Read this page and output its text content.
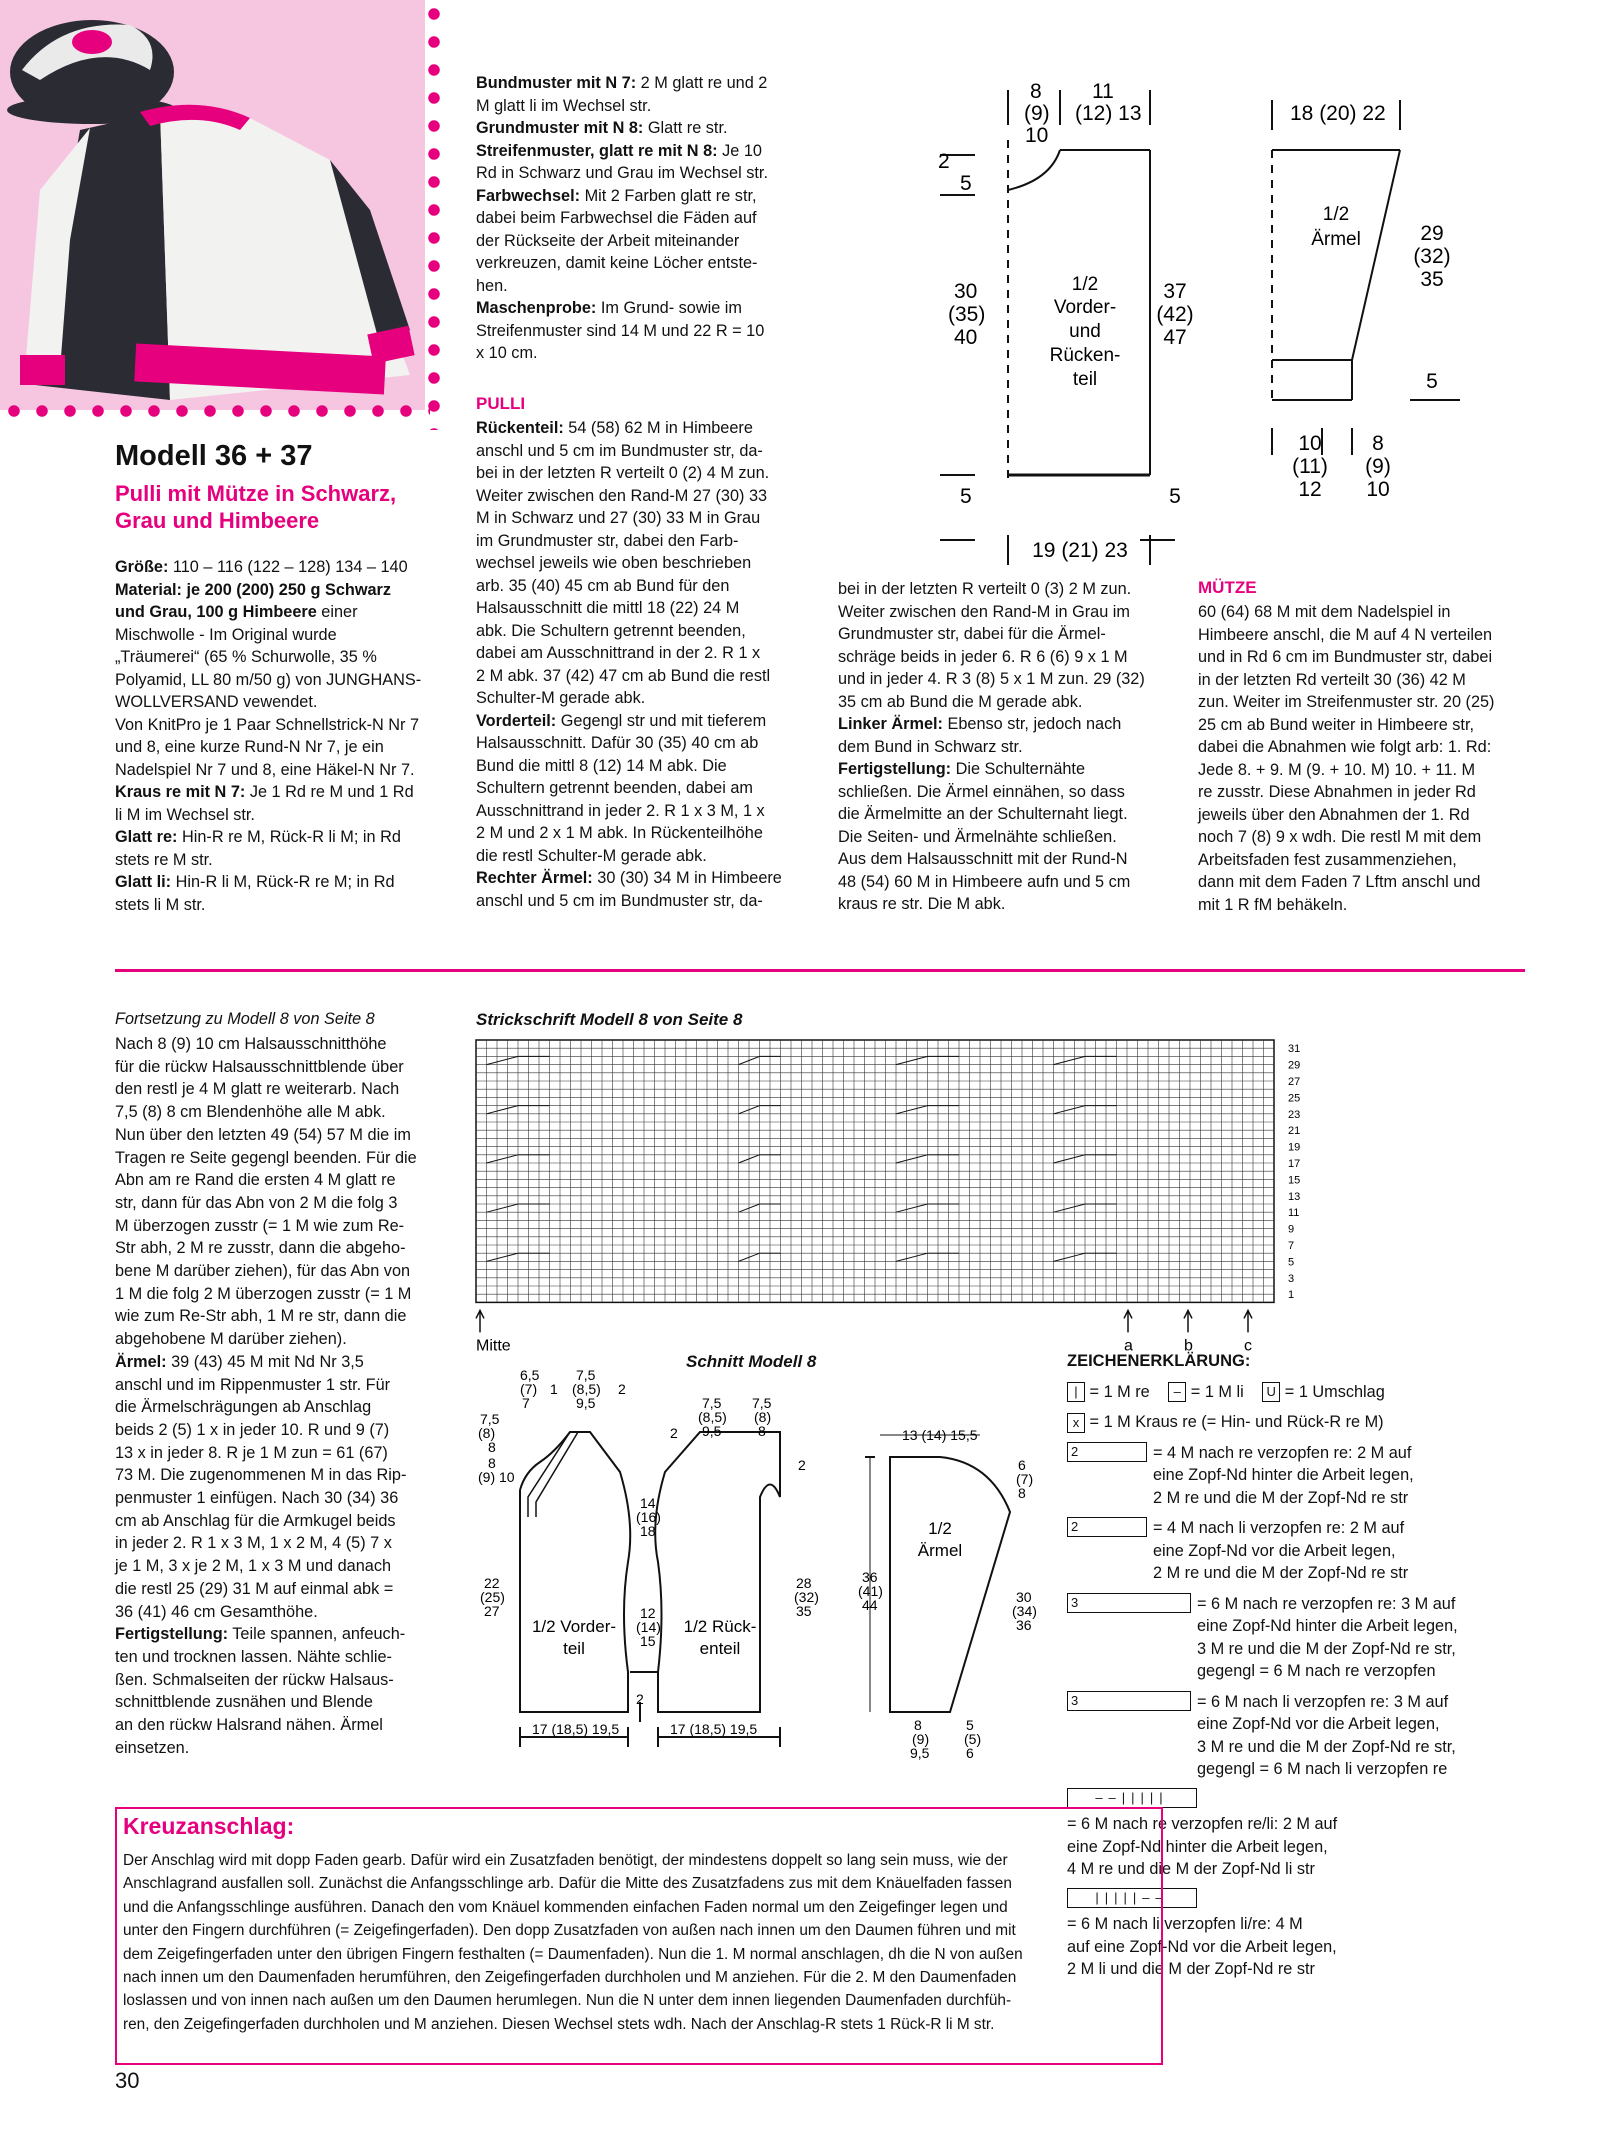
Modell 36 + 37
Pulli mit Mütze in Schwarz,
Grau und Himbeere
Größe: 110 – 116 (122 – 128) 134 – 140
Material: je 200 (200) 250 g Schwarz
und Grau, 100 g Himbeere einer
Mischwolle - Im Original wurde
„Träumerei“ (65 % Schurwolle, 35 %
Polyamid, LL 80 m/50 g) von JUNGHANS-
WOLLVERSAND vewendet.
Von KnitPro je 1 Paar Schnellstrick-N Nr 7
und 8, eine kurze Rund-N Nr 7, je ein
Nadelspiel Nr 7 und 8, eine Häkel-N Nr 7.
Kraus re mit N 7: Je 1 Rd re M und 1 Rd
li M im Wechsel str.
Glatt re: Hin-R re M, Rück-R li M; in Rd
stets re M str.
Glatt li: Hin-R li M, Rück-R re M; in Rd
stets li M str.
Bundmuster mit N 7: 2 M glatt re und 2
M glatt li im Wechsel str.
Grundmuster mit N 8: Glatt re str.
Streifenmuster, glatt re mit N 8: Je 10
Rd in Schwarz und Grau im Wechsel str.
Farbwechsel: Mit 2 Farben glatt re str,
dabei beim Farbwechsel die Fäden auf
der Rückseite der Arbeit miteinander
verkreuzen, damit keine Löcher entste-
hen.
Maschenprobe: Im Grund- sowie im
Streifenmuster sind 14 M und 22 R = 10
x 10 cm.
PULLI
Rückenteil: 54 (58) 62 M in Himbeere
anschl und 5 cm im Bundmuster str, da-
bei in der letzten R verteilt 0 (2) 4 M zun.
Weiter zwischen den Rand-M 27 (30) 33
M in Schwarz und 27 (30) 33 M in Grau
im Grundmuster str, dabei den Farb-
wechsel jeweils wie oben beschrieben
arb. 35 (40) 45 cm ab Bund für den
Halsausschnitt die mittl 18 (22) 24 M
abk. Die Schultern getrennt beenden,
dabei am Ausschnittrand in der 2. R 1 x
2 M abk. 37 (42) 47 cm ab Bund die restl
Schulter-M gerade abk.
Vorderteil: Gegengl str und mit tieferem
Halsausschnitt. Dafür 30 (35) 40 cm ab
Bund die mittl 8 (12) 14 M abk. Die
Schultern getrennt beenden, dabei am
Ausschnittrand in jeder 2. R 1 x 3 M, 1 x
2 M und 2 x 1 M abk. In Rückenteilhöhe
die restl Schulter-M gerade abk.
Rechter Ärmel: 30 (30) 34 M in Himbeere
anschl und 5 cm im Bundmuster str, da-
bei in der letzten R verteilt 0 (3) 2 M zun.
Weiter zwischen den Rand-M in Grau im
Grundmuster str, dabei für die Ärmel-
schräge beids in jeder 6. R 6 (6) 9 x 1 M
und in jeder 4. R 3 (8) 5 x 1 M zun. 29 (32)
35 cm ab Bund die M gerade abk.
Linker Ärmel: Ebenso str, jedoch nach
dem Bund in Schwarz str.
Fertigstellung: Die Schulternähte
schließen. Die Ärmel einnähen, so dass
die Ärmelmitte an der Schulternaht liegt.
Die Seiten- und Ärmelnähte schließen.
Aus dem Halsausschnitt mit der Rund-N
48 (54) 60 M in Himbeere aufn und 5 cm
kraus re str. Die M abk.
MÜTZE
60 (64) 68 M mit dem Nadelspiel in
Himbeere anschl, die M auf 4 N verteilen
und in Rd 6 cm im Bundmuster str, dabei
in der letzten Rd verteilt 30 (36) 42 M
zun. Weiter im Streifenmuster str. 20 (25)
25 cm ab Bund weiter in Himbeere str,
dabei die Abnahmen wie folgt arb: 1. Rd:
Jede 8. + 9. M (9. + 10. M) 10. + 11. M
re zusstr. Diese Abnahmen in jeder Rd
jeweils über den Abnahmen der 1. Rd
noch 7 (8) 9 x wdh. Die restl M mit dem
Arbeitsfaden fest zusammenziehen,
dann mit dem Faden 7 Lftm anschl und
mit 1 R fM behäkeln.
2
5
30
(35)
40
5
8
(9)
10
11
(12) 13
1/2
Vorder-
und
Rücken-
teil
37
(42)
47
5
19 (21) 23
18 (20) 22
1/2
Ärmel	29
(32)
35
5
10
(11)
12
8
(9)
10
Fortsetzung zu Modell 8 von Seite 8
Nach 8 (9) 10 cm Halsausschnitthöhe
für die rückw Halsausschnittblende über
den restl je 4 M glatt re weiterarb. Nach
7,5 (8) 8 cm Blendenhöhe alle M abk.
Nun über den letzten 49 (54) 57 M die im
Tragen re Seite gegengl beenden. Für die
Abn am re Rand die ersten 4 M glatt re
str, dann für das Abn von 2 M die folg 3
M überzogen zusstr (= 1 M wie zum Re-
Str abh, 2 M re zusstr, dann die abgeho-
bene M darüber ziehen), für das Abn von
1 M die folg 2 M überzogen zusstr (= 1 M
wie zum Re-Str abh, 1 M re str, dann die
abgehobene M darüber ziehen).
Ärmel: 39 (43) 45 M mit Nd Nr 3,5
anschl und im Rippenmuster 1 str. Für
die Ärmelschrägungen ab Anschlag
beids 2 (5) 1 x in jeder 10. R und 9 (7)
13 x in jeder 8. R je 1 M zun = 61 (67)
73 M. Die zugenommenen M in das Rip-
penmuster 1 einfügen. Nach 30 (34) 36
cm ab Anschlag für die Armkugel beids
in jeder 2. R 1 x 3 M, 1 x 2 M, 4 (5) 7 x
je 1 M, 3 x je 2 M, 1 x 3 M und danach
die restl 25 (29) 31 M auf einmal abk =
36 (41) 46 cm Gesamthöhe.
Fertigstellung: Teile spannen, anfeuch-
ten und trocknen lassen. Nähte schlie-
ßen. Schmalseiten der rückw Halsaus-
schnittblende zusnähen und Blende
an den rückw Halsrand nähen. Ärmel
einsetzen.
Strickschrift Modell 8 von Seite 8
31
29
27
25
23
21
19
17
15
13
11
9
7
5
3
1
Mitte	a	b	c
Schnitt Modell 8
6,5
(7)
7
1
7,5
(8,5)
9,5
2
7,5
(8)
8
8
(9) 10
2
7,5
(8,5)
9,5
7,5
(8)
8
2
14
(16)
18
22
(25)
27	12
(14)
15
28
(32)
35
2
17 (18,5) 19,5	17 (18,5) 19,5
13 (14) 15,5
6
(7)
8
36
(41)
44	30
(34)
36
8
(9)
9,5
5
(5)
6
1/2 Vorder-
teil
1/2 Rück-
enteil
1/2
Ärmel
ZEICHENERKLÄRUNG:
| = 1 M re – = 1 M li U = 1 Umschlag
x = 1 M Kraus re (= Hin- und Rück-R re M)
2	= 4 M nach re verzopfen re: 2 M auf
eine Zopf-Nd hinter die Arbeit legen,
2 M re und die M der Zopf-Nd re str
2	= 4 M nach li verzopfen re: 2 M auf
eine Zopf-Nd vor die Arbeit legen,
2 M re und die M der Zopf-Nd re str
3	= 6 M nach re verzopfen re: 3 M auf
eine Zopf-Nd hinter die Arbeit legen,
3 M re und die M der Zopf-Nd re str,
gegengl = 6 M nach re verzopfen
3	= 6 M nach li verzopfen re: 3 M auf
eine Zopf-Nd vor die Arbeit legen,
3 M re und die M der Zopf-Nd re str,
gegengl = 6 M nach li verzopfen re
––|||||
= 6 M nach re verzopfen re/li: 2 M auf
eine Zopf-Nd hinter die Arbeit legen,
4 M re und die M der Zopf-Nd li str
|||||––
= 6 M nach li verzopfen li/re: 4 M
auf eine Zopf-Nd vor die Arbeit legen,
2 M li und die M der Zopf-Nd re str
Kreuzanschlag:
Der Anschlag wird mit dopp Faden gearb. Dafür wird ein Zusatzfaden benötigt, der mindestens doppelt so lang sein muss, wie der
Anschlagrand ausfallen soll. Zunächst die Anfangsschlinge arb. Dafür die Mitte des Zusatzfadens zus mit dem Knäuelfaden fassen
und die Anfangsschlinge ausführen. Danach den vom Knäuel kommenden einfachen Faden normal um den Zeigefinger legen und
unter den Fingern durchführen (= Zeigefingerfaden). Den dopp Zusatzfaden von außen nach innen um den Daumen führen und mit
dem Zeigefingerfaden unter den übrigen Fingern festhalten (= Daumenfaden). Nun die 1. M normal anschlagen, dh die N von außen
nach innen um den Daumenfaden herumführen, den Zeigefingerfaden durchholen und M anziehen. Für die 2. M den Daumenfaden
loslassen und von innen nach außen um den Daumen herumlegen. Nun die N unter dem innen liegenden Daumenfaden durchfüh-
ren, den Zeigefingerfaden durchholen und M anziehen. Diesen Wechsel stets wdh. Nach der Anschlag-R stets 1 Rück-R li M str.
30
